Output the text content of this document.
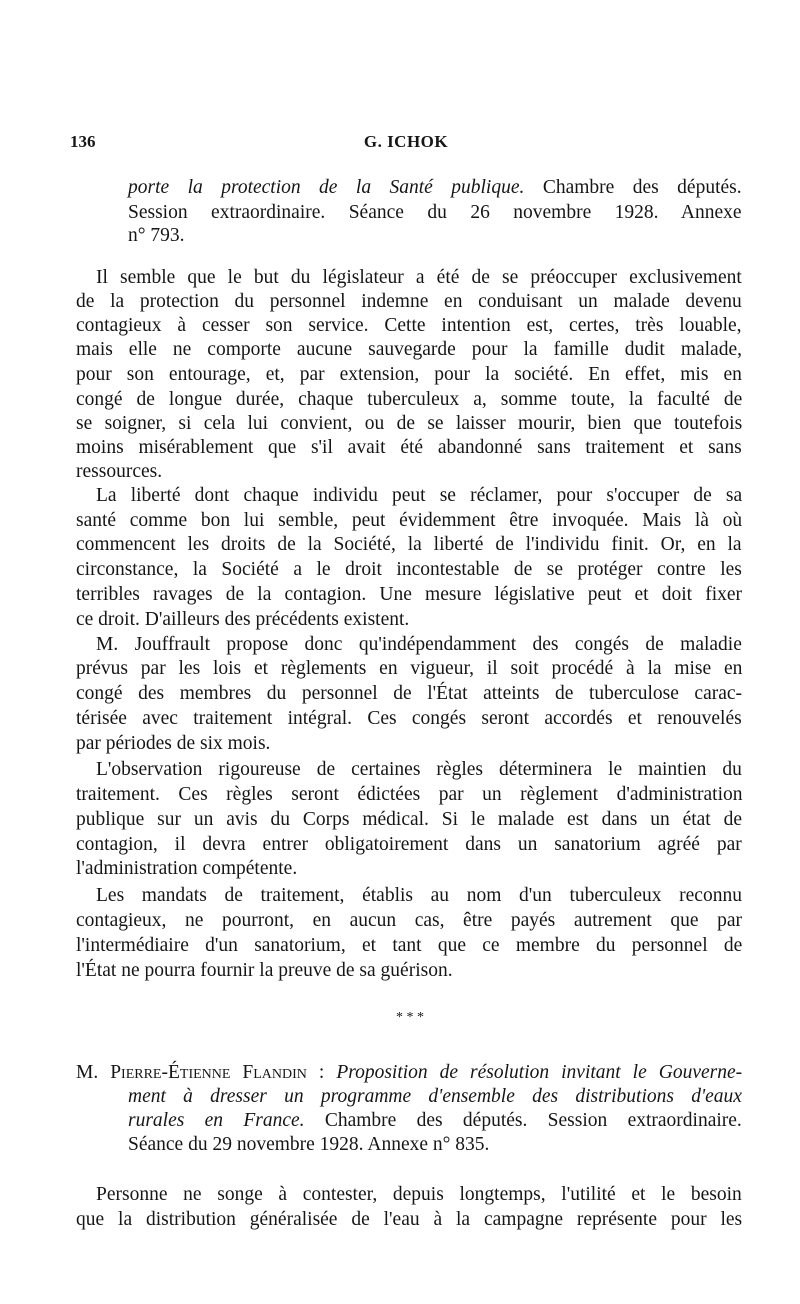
136	G. ICHOK
porte la protection de la Santé publique. Chambre des députés.
Session extraordinaire. Séance du 26 novembre 1928. Annexe
n° 793.
Il semble que le but du législateur a été de se préoccuper exclusivement
de la protection du personnel indemne en conduisant un malade devenu
contagieux à cesser son service. Cette intention est, certes, très louable,
mais elle ne comporte aucune sauvegarde pour la famille dudit malade,
pour son entourage, et, par extension, pour la société. En effet, mis en
congé de longue durée, chaque tuberculeux a, somme toute, la faculté de
se soigner, si cela lui convient, ou de se laisser mourir, bien que toutefois
moins misérablement que s'il avait été abandonné sans traitement et sans
ressources.
La liberté dont chaque individu peut se réclamer, pour s'occuper de sa
santé comme bon lui semble, peut évidemment être invoquée. Mais là où
commencent les droits de la Société, la liberté de l'individu finit. Or, en la
circonstance, la Société a le droit incontestable de se protéger contre les
terribles ravages de la contagion. Une mesure législative peut et doit fixer
ce droit. D'ailleurs des précédents existent.
M. Jouffrault propose donc qu'indépendamment des congés de maladie
prévus par les lois et règlements en vigueur, il soit procédé à la mise en
congé des membres du personnel de l'État atteints de tuberculose carac-
térisée avec traitement intégral. Ces congés seront accordés et renouvelés
par périodes de six mois.
L'observation rigoureuse de certaines règles déterminera le maintien du
traitement. Ces règles seront édictées par un règlement d'administration
publique sur un avis du Corps médical. Si le malade est dans un état de
contagion, il devra entrer obligatoirement dans un sanatorium agréé par
l'administration compétente.
Les mandats de traitement, établis au nom d'un tuberculeux reconnu
contagieux, ne pourront, en aucun cas, être payés autrement que par
l'intermédiaire d'un sanatorium, et tant que ce membre du personnel de
l'État ne pourra fournir la preuve de sa guérison.
* * *
M. Pierre-Étienne Flandin : Proposition de résolution invitant le Gouverne-
ment à dresser un programme d'ensemble des distributions d'eaux
rurales en France. Chambre des députés. Session extraordinaire.
Séance du 29 novembre 1928. Annexe n° 835.
Personne ne songe à contester, depuis longtemps, l'utilité et le besoin
que la distribution généralisée de l'eau à la campagne représente pour les
